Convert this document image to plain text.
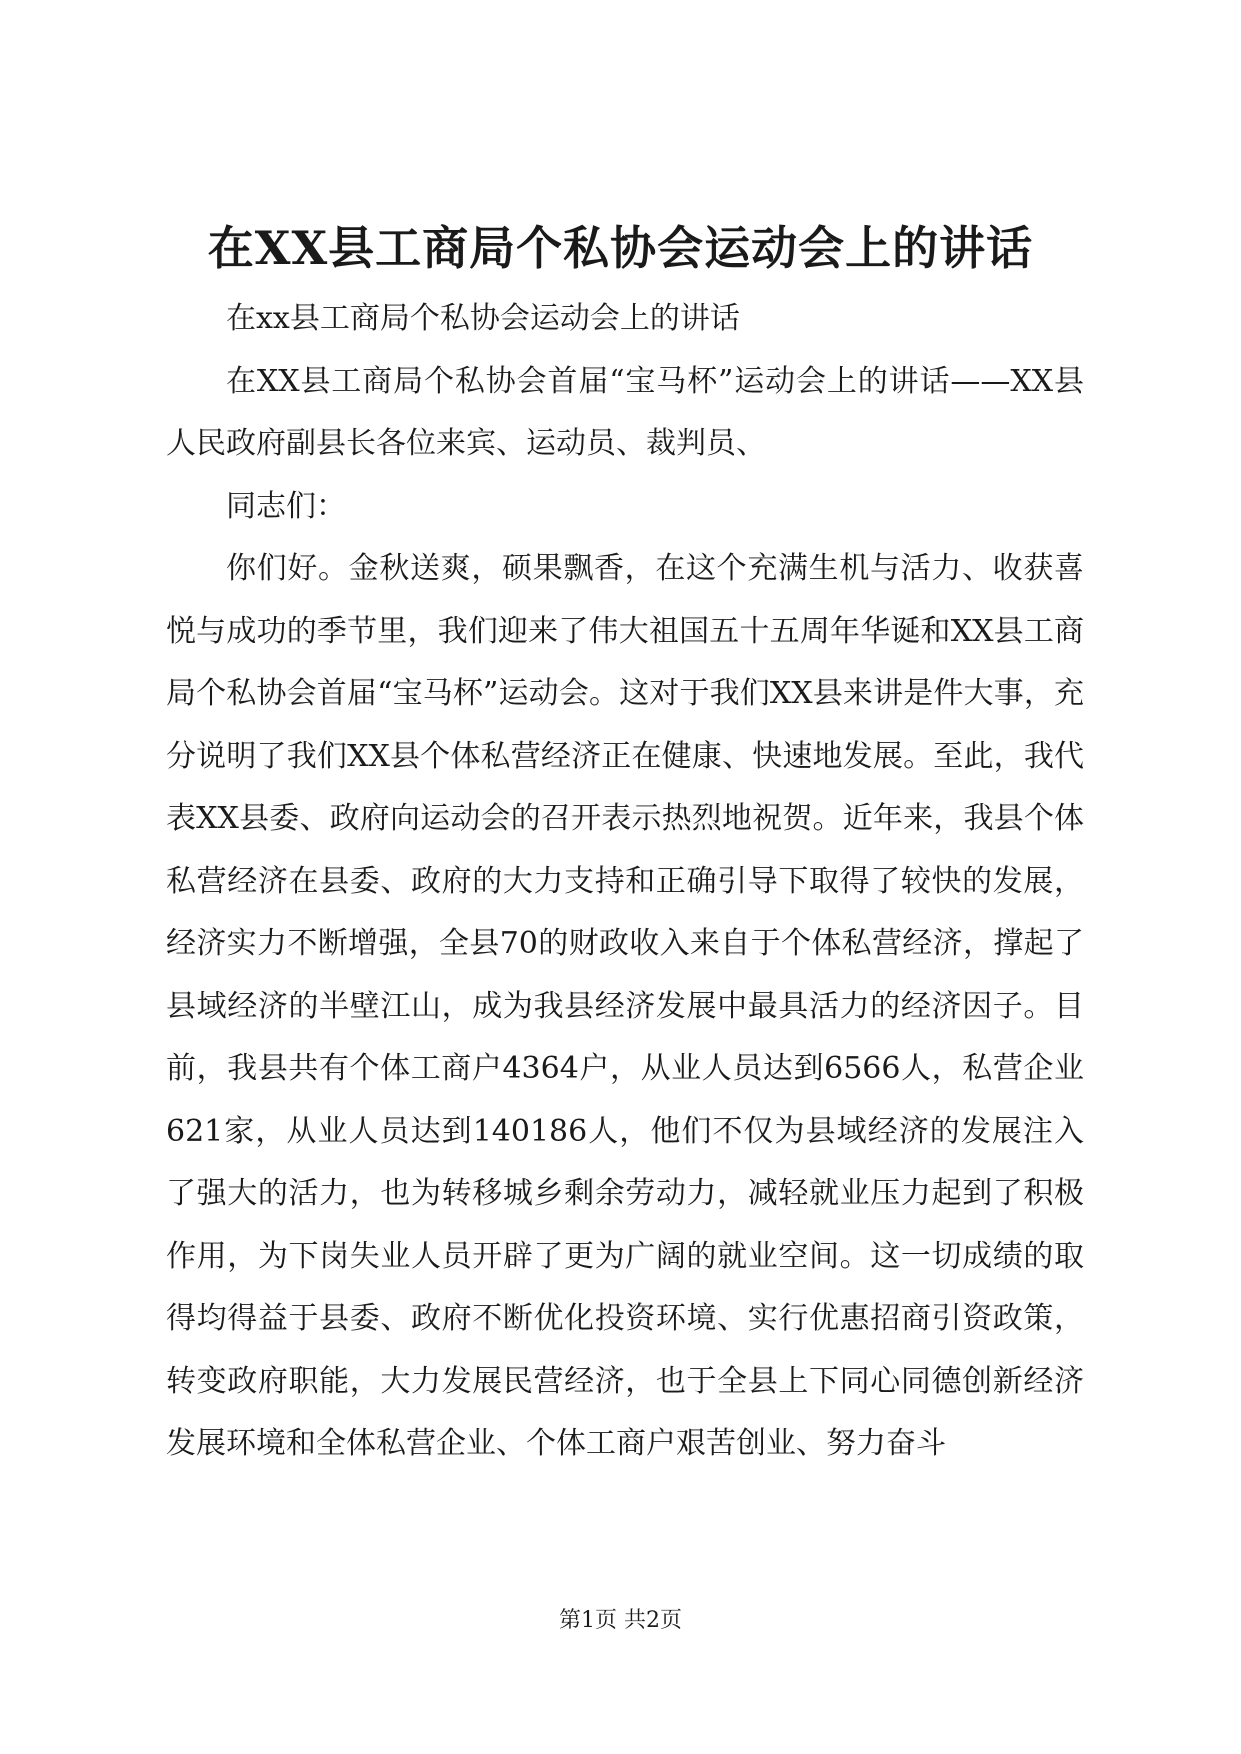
在XX县工商局个私协会运动会上的讲话

在xx县工商局个私协会运动会上的讲话

在XX县工商局个私协会首届“宝马杯”运动会上的讲话——XX县人民政府副县长各位来宾、运动员、裁判员、

同志们：

你们好。金秋送爽，硕果飘香，在这个充满生机与活力、收获喜悦与成功的季节里，我们迎来了伟大祖国五十五周年华诞和XX县工商局个私协会首届“宝马杯”运动会。这对于我们XX县来讲是件大事，充分说明了我们XX县个体私营经济正在健康、快速地发展。至此，我代表XX县委、政府向运动会的召开表示热烈地祝贺。近年来，我县个体私营经济在县委、政府的大力支持和正确引导下取得了较快的发展，经济实力不断增强，全县70的财政收入来自于个体私营经济，撑起了县域经济的半壁江山，成为我县经济发展中最具活力的经济因子。目前，我县共有个体工商户4364户，从业人员达到6566人，私营企业621家，从业人员达到140186人，他们不仅为县域经济的发展注入了强大的活力，也为转移城乡剩余劳动力，减轻就业压力起到了积极作用，为下岗失业人员开辟了更为广阔的就业空间。这一切成绩的取得均得益于县委、政府不断优化投资环境、实行优惠招商引资政策，转变政府职能，大力发展民营经济，也于全县上下同心同德创新经济发展环境和全体私营企业、个体工商户艰苦创业、努力奋斗

第1页 共2页
